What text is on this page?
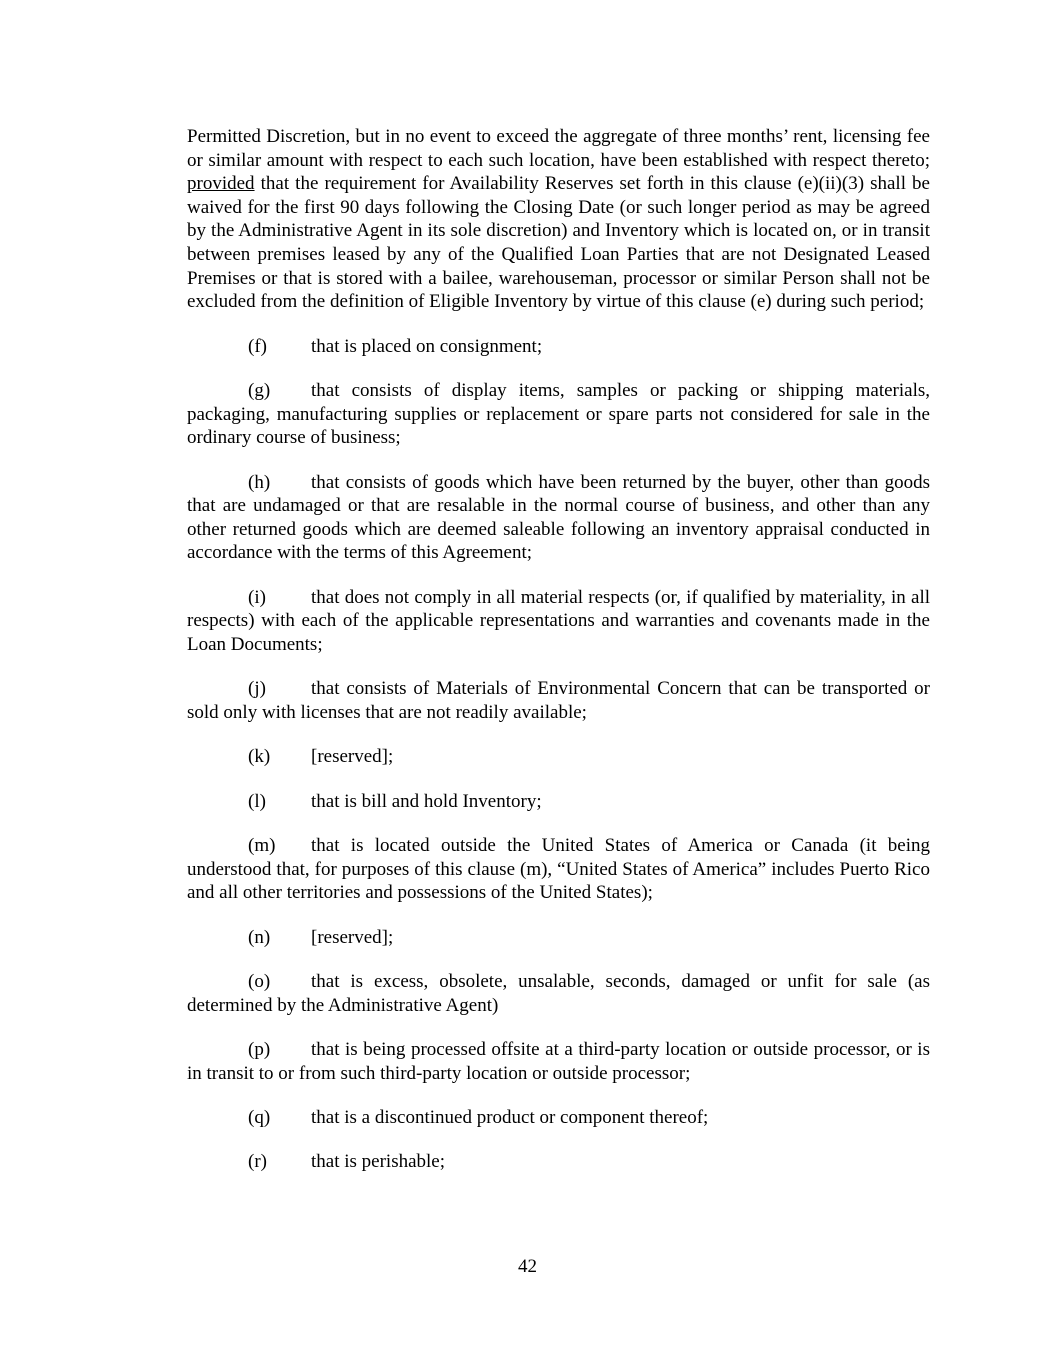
Permitted Discretion, but in no event to exceed the aggregate of three months’ rent, licensing fee or similar amount with respect to each such location, have been established with respect thereto; provided that the requirement for Availability Reserves set forth in this clause (e)(ii)(3) shall be waived for the first 90 days following the Closing Date (or such longer period as may be agreed by the Administrative Agent in its sole discretion) and Inventory which is located on, or in transit between premises leased by any of the Qualified Loan Parties that are not Designated Leased Premises or that is stored with a bailee, warehouseman, processor or similar Person shall not be excluded from the definition of Eligible Inventory by virtue of this clause (e) during such period;

(f) that is placed on consignment;

(g) that consists of display items, samples or packing or shipping materials, packaging, manufacturing supplies or replacement or spare parts not considered for sale in the ordinary course of business;

(h) that consists of goods which have been returned by the buyer, other than goods that are undamaged or that are resalable in the normal course of business, and other than any other returned goods which are deemed saleable following an inventory appraisal conducted in accordance with the terms of this Agreement;

(i) that does not comply in all material respects (or, if qualified by materiality, in all respects) with each of the applicable representations and warranties and covenants made in the Loan Documents;

(j) that consists of Materials of Environmental Concern that can be transported or sold only with licenses that are not readily available;

(k) [reserved];

(l) that is bill and hold Inventory;

(m) that is located outside the United States of America or Canada (it being understood that, for purposes of this clause (m), “United States of America” includes Puerto Rico and all other territories and possessions of the United States);

(n) [reserved];

(o) that is excess, obsolete, unsalable, seconds, damaged or unfit for sale (as determined by the Administrative Agent)

(p) that is being processed offsite at a third-party location or outside processor, or is in transit to or from such third-party location or outside processor;

(q) that is a discontinued product or component thereof;

(r) that is perishable;

42
